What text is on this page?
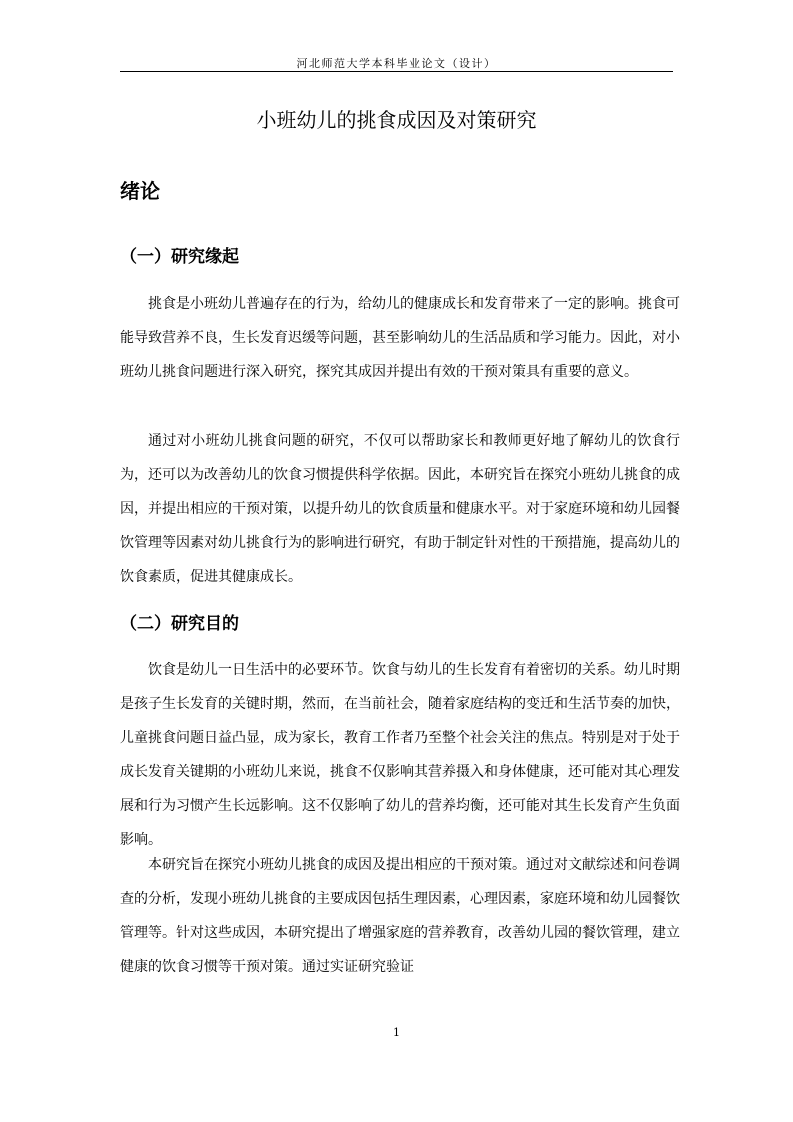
河北师范大学本科毕业论文（设计）
小班幼儿的挑食成因及对策研究
绪论
（一）研究缘起

挑食是小班幼儿普遍存在的行为，给幼儿的健康成长和发育带来了一定的影响。挑食可能导致营养不良，生长发育迟缓等问题，甚至影响幼儿的生活品质和学习能力。因此，对小班幼儿挑食问题进行深入研究，探究其成因并提出有效的干预对策具有重要的意义。

通过对小班幼儿挑食问题的研究，不仅可以帮助家长和教师更好地了解幼儿的饮食行为，还可以为改善幼儿的饮食习惯提供科学依据。因此，本研究旨在探究小班幼儿挑食的成因，并提出相应的干预对策，以提升幼儿的饮食质量和健康水平。对于家庭环境和幼儿园餐饮管理等因素对幼儿挑食行为的影响进行研究，有助于制定针对性的干预措施，提高幼儿的饮食素质，促进其健康成长。

（二）研究目的

饮食是幼儿一日生活中的必要环节。饮食与幼儿的生长发育有着密切的关系。幼儿时期是孩子生长发育的关键时期，然而，在当前社会，随着家庭结构的变迁和生活节奏的加快，儿童挑食问题日益凸显，成为家长，教育工作者乃至整个社会关注的焦点。特别是对于处于成长发育关键期的小班幼儿来说，挑食不仅影响其营养摄入和身体健康，还可能对其心理发展和行为习惯产生长远影响。这不仅影响了幼儿的营养均衡，还可能对其生长发育产生负面影响。

本研究旨在探究小班幼儿挑食的成因及提出相应的干预对策。通过对文献综述和问卷调查的分析，发现小班幼儿挑食的主要成因包括生理因素，心理因素，家庭环境和幼儿园餐饮管理等。针对这些成因，本研究提出了增强家庭的营养教育，改善幼儿园的餐饮管理，建立健康的饮食习惯等干预对策。通过实证研究验证

1
